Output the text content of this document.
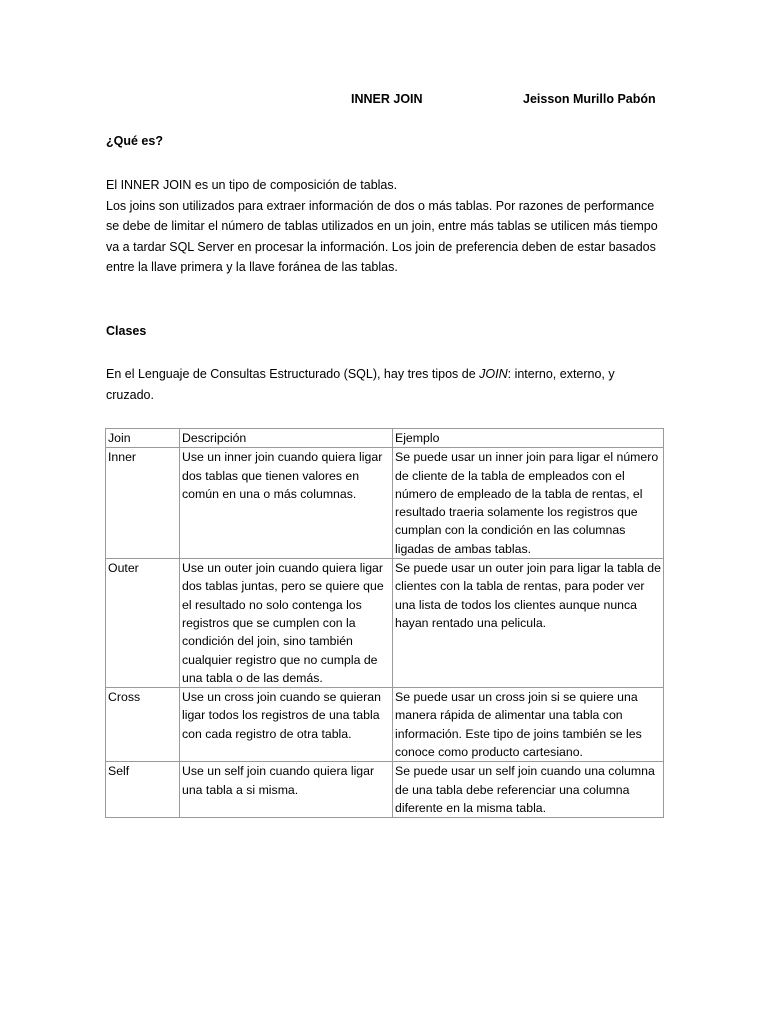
INNER JOIN	Jeisson Murillo Pabón
¿Qué es?

El INNER JOIN es un tipo de composición de tablas.

Los joins son utilizados para extraer información de dos o más tablas. Por razones de performance se debe de limitar el número de tablas utilizados en un join, entre más tablas se utilicen más tiempo va a tardar SQL Server en procesar la información. Los join de preferencia deben de estar basados entre la llave primera y la llave foránea de las tablas.

Clases

En el Lenguaje de Consultas Estructurado (SQL), hay tres tipos de JOIN: interno, externo, y cruzado.

Join	Descripción	Ejemplo
Inner	Use un inner join cuando quiera ligar dos tablas que tienen valores en común en una o más columnas.	Se puede usar un inner join para ligar el número de cliente de la tabla de empleados con el número de empleado de la tabla de rentas, el resultado traeria solamente los registros que cumplan con la condición en las columnas ligadas de ambas tablas.
Outer	Use un outer join cuando quiera ligar dos tablas juntas, pero se quiere que el resultado no solo contenga los registros que se cumplen con la condición del join, sino también cualquier registro que no cumpla de una tabla o de las demás.	Se puede usar un outer join para ligar la tabla de clientes con la tabla de rentas, para poder ver una lista de todos los clientes aunque nunca hayan rentado una pelicula.
Cross	Use un cross join cuando se quieran ligar todos los registros de una tabla con cada registro de otra tabla.	Se puede usar un cross join si se quiere una manera rápida de alimentar una tabla con información. Este tipo de joins también se les conoce como producto cartesiano.
Self	Use un self join cuando quiera ligar una tabla a si misma.	Se puede usar un self join cuando una columna de una tabla debe referenciar una columna diferente en la misma tabla.
